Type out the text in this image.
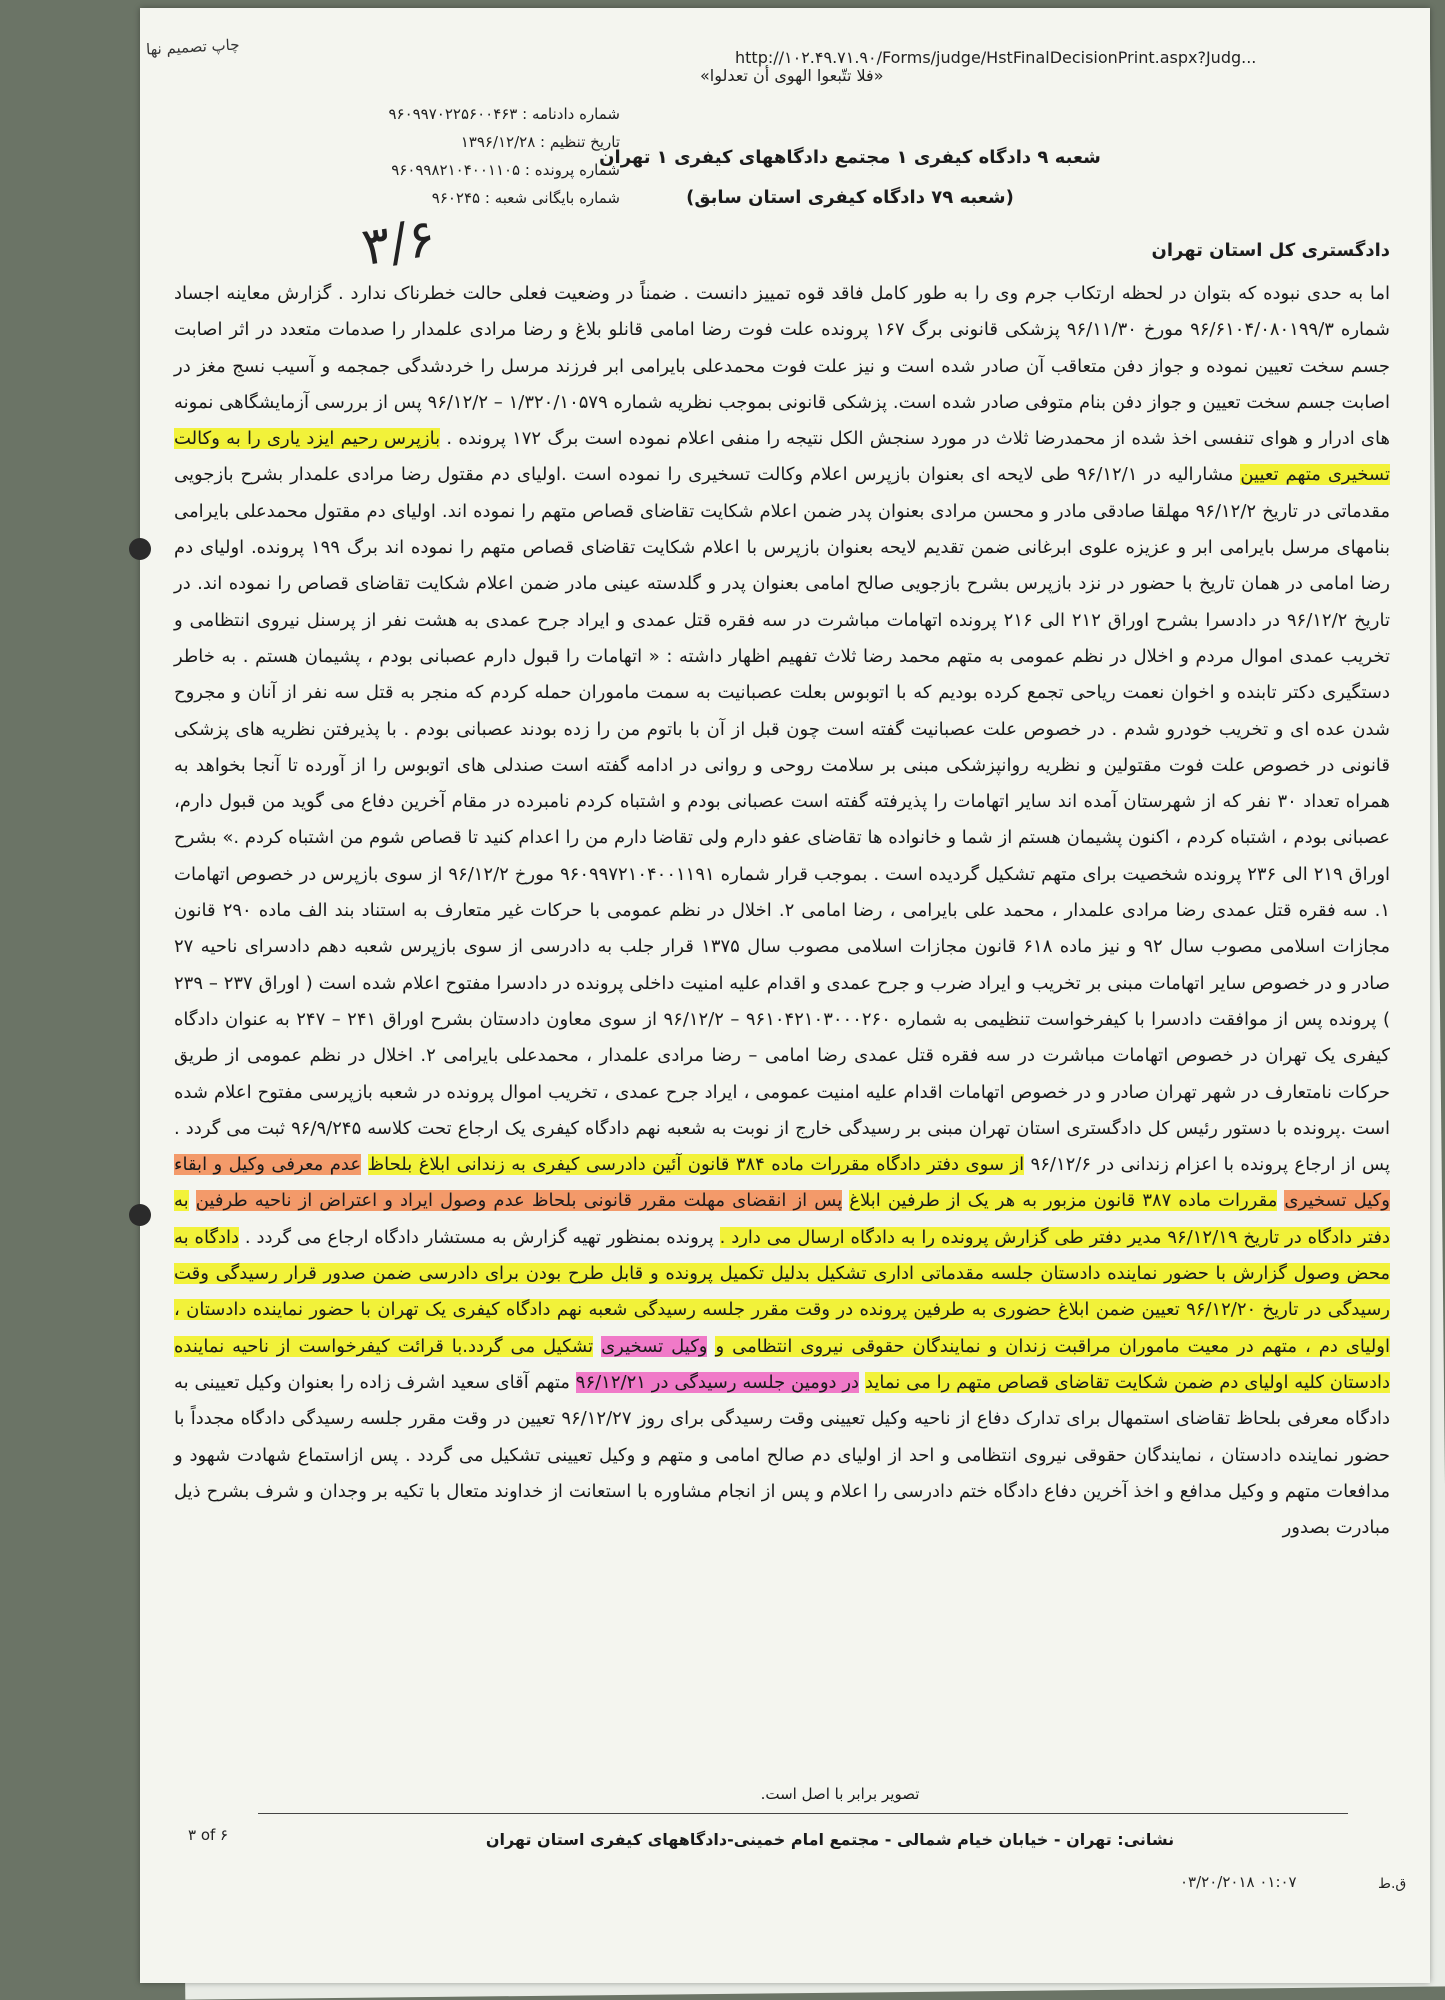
چاپ تصمیم نها	http://۱۰۲.۴۹.۷۱.۹۰/Forms/judge/HstFinalDecisionPrint.aspx?Judg...
«فلا تتّبعوا الهوی أن تعدلوا»
شماره دادنامه : ۹۶۰۹۹۷۰۲۲۵۶۰۰۴۶۳
تاریخ تنظیم : ۱۳۹۶/۱۲/۲۸
شماره پرونده : ۹۶۰۹۹۸۲۱۰۴۰۰۱۱۰۵
شماره بایگانی شعبه : ۹۶۰۲۴۵
شعبه ۹ دادگاه کیفری ۱ مجتمع دادگاههای کیفری ۱ تهران
(شعبه ۷۹ دادگاه کیفری استان سابق)
۳/۶	دادگستری کل استان تهران

اما به حدی نبوده که بتوان در لحظه ارتکاب جرم وی را به طور کامل فاقد قوه تمییز دانست . ضمناً در وضعیت فعلی حالت خطرناک ندارد . گزارش معاینه اجساد شماره ۹۶/۶۱۰۴/۰۸۰۱۹۹/۳ مورخ ۹۶/۱۱/۳۰ پزشکی قانونی برگ ۱۶۷ پرونده علت فوت رضا امامی قانلو بلاغ و رضا مرادی علمدار را صدمات متعدد در اثر اصابت جسم سخت تعیین نموده و جواز دفن متعاقب آن صادر شده است و نیز علت فوت محمدعلی بایرامی ابر فرزند مرسل را خردشدگی جمجمه و آسیب نسج مغز در اصابت جسم سخت تعیین و جواز دفن بنام متوفی صادر شده است. پزشکی قانونی بموجب نظریه شماره ۱/۳۲۰/۱۰۵۷۹ – ۹۶/۱۲/۲ پس از بررسی آزمایشگاهی نمونه های ادرار و هوای تنفسی اخذ شده از محمدرضا ثلاث در مورد سنجش الکل نتیجه را منفی اعلام نموده است برگ ۱۷۲ پرونده . بازپرس رحیم ایزد یاری را به وکالت تسخیری متهم تعیین مشارالیه در ۹۶/۱۲/۱ طی لایحه ای بعنوان بازپرس اعلام وکالت تسخیری را نموده است .اولیای دم مقتول رضا مرادی علمدار بشرح بازجویی مقدماتی در تاریخ ۹۶/۱۲/۲ مهلقا صادقی مادر و محسن مرادی بعنوان پدر ضمن اعلام شکایت تقاضای قصاص متهم را نموده اند. اولیای دم مقتول محمدعلی بایرامی بنامهای مرسل بایرامی ابر و عزیزه علوی ابرغانی ضمن تقدیم لایحه بعنوان بازپرس با اعلام شکایت تقاضای قصاص متهم را نموده اند برگ ۱۹۹ پرونده. اولیای دم رضا امامی در همان تاریخ با حضور در نزد بازپرس بشرح بازجویی صالح امامی بعنوان پدر و گلدسته عینی مادر ضمن اعلام شکایت تقاضای قصاص را نموده اند. در تاریخ ۹۶/۱۲/۲ در دادسرا بشرح اوراق ۲۱۲ الی ۲۱۶ پرونده اتهامات مباشرت در سه فقره قتل عمدی و ایراد جرح عمدی به هشت نفر از پرسنل نیروی انتظامی و تخریب عمدی اموال مردم و اخلال در نظم عمومی به متهم محمد رضا ثلاث تفهیم اظهار داشته : « اتهامات را قبول دارم عصبانی بودم ، پشیمان هستم . به خاطر دستگیری دکتر تابنده و اخوان نعمت ریاحی تجمع کرده بودیم که با اتوبوس بعلت عصبانیت به سمت ماموران حمله کردم که منجر به قتل سه نفر از آنان و مجروح شدن عده ای و تخریب خودرو شدم . در خصوص علت عصبانیت گفته است چون قبل از آن با باتوم من را زده بودند عصبانی بودم . با پذیرفتن نظریه های پزشکی قانونی در خصوص علت فوت مقتولین و نظریه روانپزشکی مبنی بر سلامت روحی و روانی در ادامه گفته است صندلی های اتوبوس را از آورده تا آنجا بخواهد به همراه تعداد ۳۰ نفر که از شهرستان آمده اند سایر اتهامات را پذیرفته گفته است عصبانی بودم و اشتباه کردم نامبرده در مقام آخرین دفاع می گوید من قبول دارم، عصبانی بودم ، اشتباه کردم ، اکنون پشیمان هستم از شما و خانواده ها تقاضای عفو دارم ولی تقاضا دارم من را اعدام کنید تا قصاص شوم من اشتباه کردم .» بشرح اوراق ۲۱۹ الی ۲۳۶ پرونده شخصیت برای متهم تشکیل گردیده است . بموجب قرار شماره ۹۶۰۹۹۷۲۱۰۴۰۰۱۱۹۱ مورخ ۹۶/۱۲/۲ از سوی بازپرس در خصوص اتهامات ۱. سه فقره قتل عمدی رضا مرادی علمدار ، محمد علی بایرامی ، رضا امامی ۲. اخلال در نظم عمومی با حرکات غیر متعارف به استناد بند الف ماده ۲۹۰ قانون مجازات اسلامی مصوب سال ۹۲ و نیز ماده ۶۱۸ قانون مجازات اسلامی مصوب سال ۱۳۷۵ قرار جلب به دادرسی از سوی بازپرس شعبه دهم دادسرای ناحیه ۲۷ صادر و در خصوص سایر اتهامات مبنی بر تخریب و ایراد ضرب و جرح عمدی و اقدام علیه امنیت داخلی پرونده در دادسرا مفتوح اعلام شده است ( اوراق ۲۳۷ – ۲۳۹ ) پرونده پس از موافقت دادسرا با کیفرخواست تنظیمی به شماره ۹۶۱۰۴۲۱۰۳۰۰۰۲۶۰ – ۹۶/۱۲/۲ از سوی معاون دادستان بشرح اوراق ۲۴۱ – ۲۴۷ به عنوان دادگاه کیفری یک تهران در خصوص اتهامات مباشرت در سه فقره قتل عمدی رضا امامی – رضا مرادی علمدار ، محمدعلی بایرامی ۲. اخلال در نظم عمومی از طریق حرکات نامتعارف در شهر تهران صادر و در خصوص اتهامات اقدام علیه امنیت عمومی ، ایراد جرح عمدی ، تخریب اموال پرونده در شعبه بازپرسی مفتوح اعلام شده است .پرونده با دستور رئیس کل دادگستری استان تهران مبنی بر رسیدگی خارج از نوبت به شعبه نهم دادگاه کیفری یک ارجاع تحت کلاسه ۹۶/۹/۲۴۵ ثبت می گردد . پس از ارجاع پرونده با اعزام زندانی در ۹۶/۱۲/۶ از سوی دفتر دادگاه مقررات ماده ۳۸۴ قانون آئین دادرسی کیفری به زندانی ابلاغ بلحاظ عدم معرفی وکیل و ابقاء وکیل تسخیری مقررات ماده ۳۸۷ قانون مزبور به هر یک از طرفین ابلاغ پس از انقضای مهلت مقرر قانونی بلحاظ عدم وصول ایراد و اعتراض از ناحیه طرفین به دفتر دادگاه در تاریخ ۹۶/۱۲/۱۹ مدیر دفتر طی گزارش پرونده را به دادگاه ارسال می دارد . پرونده بمنظور تهیه گزارش به مستشار دادگاه ارجاع می گردد . دادگاه به محض وصول گزارش با حضور نماینده دادستان جلسه مقدماتی اداری تشکیل بدلیل تکمیل پرونده و قابل طرح بودن برای دادرسی ضمن صدور قرار رسیدگی وقت رسیدگی در تاریخ ۹۶/۱۲/۲۰ تعیین ضمن ابلاغ حضوری به طرفین پرونده در وقت مقرر جلسه رسیدگی شعبه نهم دادگاه کیفری یک تهران با حضور نماینده دادستان ، اولیای دم ، متهم در معیت ماموران مراقبت زندان و نمایندگان حقوقی نیروی انتظامی و وکیل تسخیری تشکیل می گردد.با قرائت کیفرخواست از ناحیه نماینده دادستان کلیه اولیای دم ضمن شکایت تقاضای قصاص متهم را می نماید در دومین جلسه رسیدگی در ۹۶/۱۲/۲۱ متهم آقای سعید اشرف زاده را بعنوان وکیل تعیینی به دادگاه معرفی بلحاظ تقاضای استمهال برای تدارک دفاع از ناحیه وکیل تعیینی وقت رسیدگی برای روز ۹۶/۱۲/۲۷ تعیین در وقت مقرر جلسه رسیدگی دادگاه مجدداً با حضور نماینده دادستان ، نمایندگان حقوقی نیروی انتظامی و احد از اولیای دم صالح امامی و متهم و وکیل تعیینی تشکیل می گردد . پس ازاستماع شهادت شهود و مدافعات متهم و وکیل مدافع و اخذ آخرین دفاع دادگاه ختم دادرسی را اعلام و پس از انجام مشاوره با استعانت از خداوند متعال با تکیه بر وجدان و شرف بشرح ذیل مبادرت بصدور

تصویر برابر با اصل است.
نشانی: تهران - خیابان خیام شمالی - مجتمع امام خمینی-دادگاههای کیفری استان تهران
۳ of ۶
۰۳/۲۰/۲۰۱۸ ۰۱:۰۷	ق.ط
